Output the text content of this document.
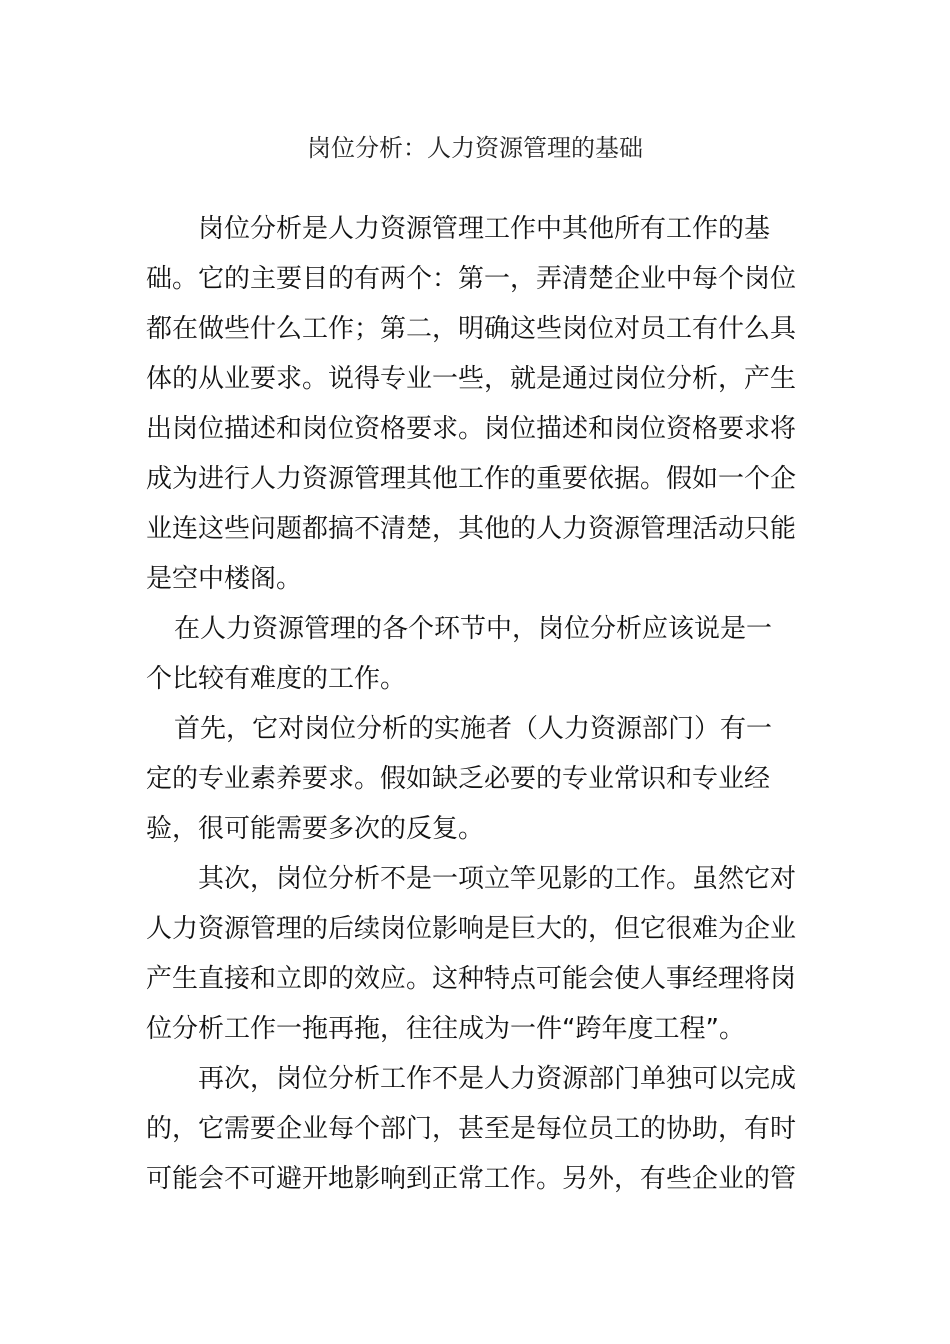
岗位分析：人力资源管理的基础

岗位分析是人力资源管理工作中其他所有工作的基础。它的主要目的有两个：第一，弄清楚企业中每个岗位都在做些什么工作；第二，明确这些岗位对员工有什么具体的从业要求。说得专业一些，就是通过岗位分析，产生出岗位描述和岗位资格要求。岗位描述和岗位资格要求将成为进行人力资源管理其他工作的重要依据。假如一个企业连这些问题都搞不清楚，其他的人力资源管理活动只能是空中楼阁。

在人力资源管理的各个环节中，岗位分析应该说是一个比较有难度的工作。

首先，它对岗位分析的实施者（人力资源部门）有一定的专业素养要求。假如缺乏必要的专业常识和专业经验，很可能需要多次的反复。

其次，岗位分析不是一项立竿见影的工作。虽然它对人力资源管理的后续岗位影响是巨大的，但它很难为企业产生直接和立即的效应。这种特点可能会使人事经理将岗位分析工作一拖再拖，往往成为一件“跨年度工程”。

再次，岗位分析工作不是人力资源部门单独可以完成的，它需要企业每个部门，甚至是每位员工的协助，有时可能会不可避开地影响到正常工作。另外，有些企业的管
